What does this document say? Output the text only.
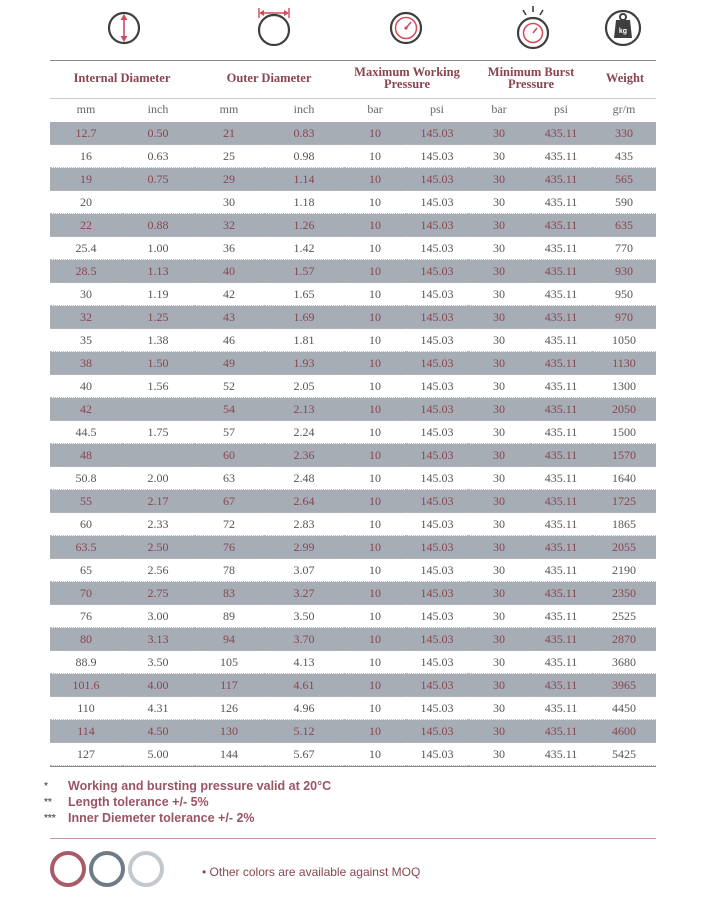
kg
Internal Diameter	Outer Diameter	Maximum Working
Pressure
Minimum Burst
Pressure	Weight
mm	inch	mm	inch	bar	psi	bar	psi	gr/m
12.7	0.50	21	0.83	10	145.03	30	435.11	330
16	0.63	25	0.98	10	145.03	30	435.11	435
19	0.75	29	1.14	10	145.03	30	435.11	565
20		30	1.18	10	145.03	30	435.11	590
22	0.88	32	1.26	10	145.03	30	435.11	635
25.4	1.00	36	1.42	10	145.03	30	435.11	770
28.5	1.13	40	1.57	10	145.03	30	435.11	930
30	1.19	42	1.65	10	145.03	30	435.11	950
32	1.25	43	1.69	10	145.03	30	435.11	970
35	1.38	46	1.81	10	145.03	30	435.11	1050
38	1.50	49	1.93	10	145.03	30	435.11	1130
40	1.56	52	2.05	10	145.03	30	435.11	1300
42		54	2.13	10	145.03	30	435.11	2050
44.5	1.75	57	2.24	10	145.03	30	435.11	1500
48		60	2.36	10	145.03	30	435.11	1570
50.8	2.00	63	2.48	10	145.03	30	435.11	1640
55	2.17	67	2.64	10	145.03	30	435.11	1725
60	2.33	72	2.83	10	145.03	30	435.11	1865
63.5	2.50	76	2.99	10	145.03	30	435.11	2055
65	2.56	78	3.07	10	145.03	30	435.11	2190
70	2.75	83	3.27	10	145.03	30	435.11	2350
76	3.00	89	3.50	10	145.03	30	435.11	2525
80	3.13	94	3.70	10	145.03	30	435.11	2870
88.9	3.50	105	4.13	10	145.03	30	435.11	3680
101.6	4.00	117	4.61	10	145.03	30	435.11	3965
110	4.31	126	4.96	10	145.03	30	435.11	4450
114	4.50	130	5.12	10	145.03	30	435.11	4600
127	5.00	144	5.67	10	145.03	30	435.11	5425
*	Working and bursting pressure valid at 20°C
**	Length tolerance +/- 5%
*** Inner Diemeter tolerance +/- 2%
• Other colors are available against MOQ
